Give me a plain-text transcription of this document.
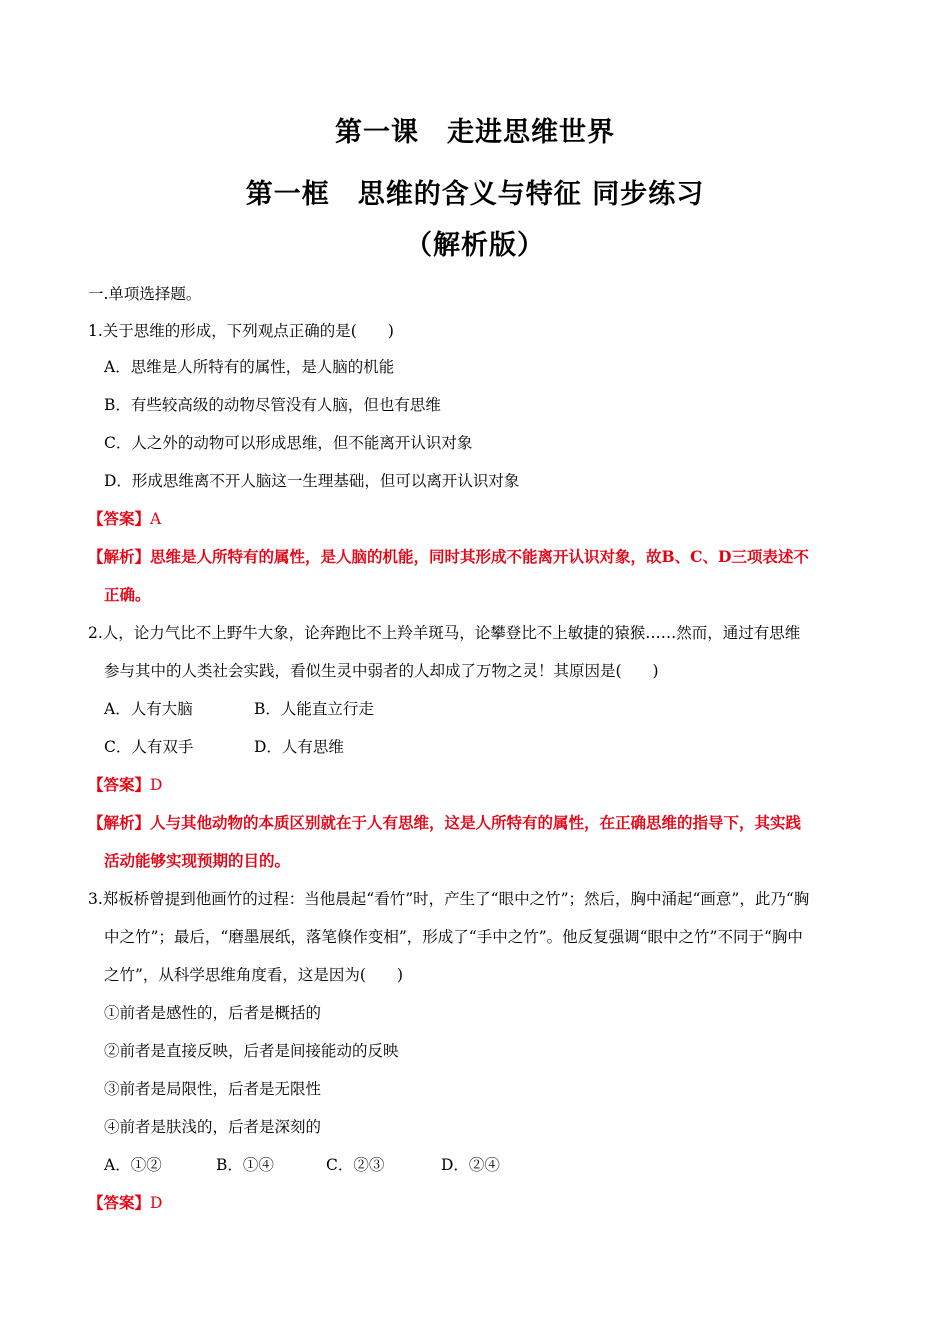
第一课　走进思维世界
第一框　思维的含义与特征 同步练习
（解析版）
一.单项选择题。
1.关于思维的形成，下列观点正确的是(　　)
A．思维是人所特有的属性，是人脑的机能
B．有些较高级的动物尽管没有人脑，但也有思维
C．人之外的动物可以形成思维，但不能离开认识对象
D．形成思维离不开人脑这一生理基础，但可以离开认识对象
【答案】A
【解析】思维是人所特有的属性，是人脑的机能，同时其形成不能离开认识对象，故B、C、D三项表述不
正确。
2.人，论力气比不上野牛大象，论奔跑比不上羚羊斑马，论攀登比不上敏捷的猿猴……然而，通过有思维
参与其中的人类社会实践，看似生灵中弱者的人却成了万物之灵！其原因是(　　)
A．人有大脑	B．人能直立行走
C．人有双手	D．人有思维
【答案】D
【解析】人与其他动物的本质区别就在于人有思维，这是人所特有的属性，在正确思维的指导下，其实践
活动能够实现预期的目的。
3.郑板桥曾提到他画竹的过程：当他晨起“看竹”时，产生了“眼中之竹”；然后，胸中涌起“画意”，此乃“胸
中之竹”；最后，“磨墨展纸，落笔倏作变相”，形成了“手中之竹”。他反复强调“眼中之竹”不同于“胸中
之竹”，从科学思维角度看，这是因为(　　)
①前者是感性的，后者是概括的
②前者是直接反映，后者是间接能动的反映
③前者是局限性，后者是无限性
④前者是肤浅的，后者是深刻的
A．①②	B．①④	C．②③	D．②④
【答案】D
